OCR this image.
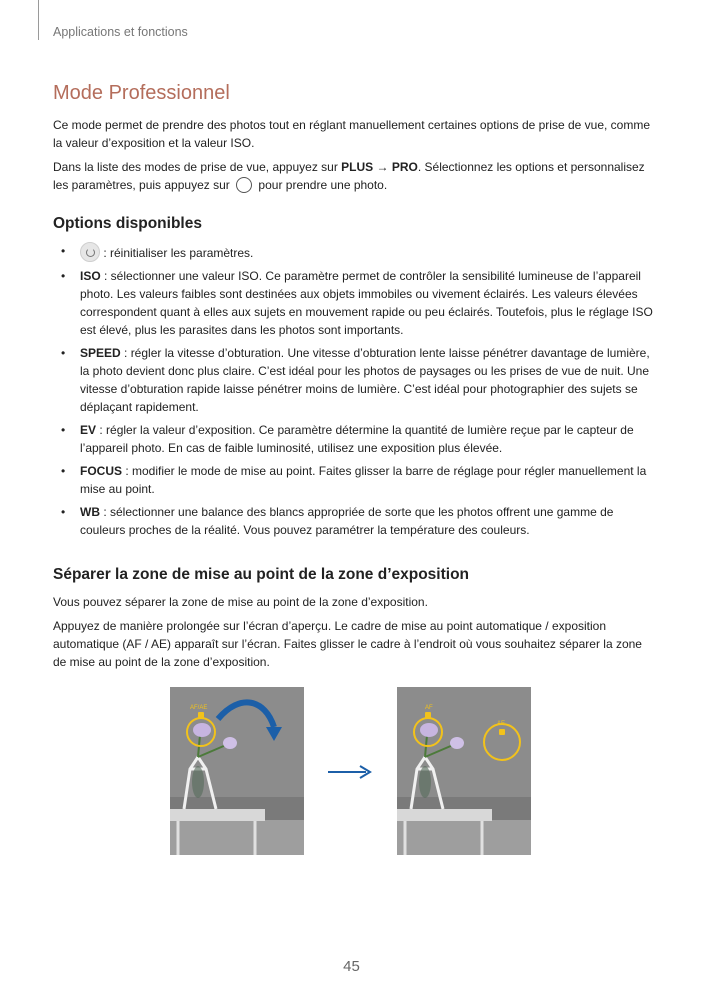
Applications et fonctions
Mode Professionnel

Ce mode permet de prendre des photos tout en réglant manuellement certaines options de prise de vue, comme la valeur d’exposition et la valeur ISO.

Dans la liste des modes de prise de vue, appuyez sur PLUS → PRO. Sélectionnez les options et personnalisez les paramètres, puis appuyez sur  pour prendre une photo.

Options disponibles
• : réinitialiser les paramètres.
• ISO : sélectionner une valeur ISO. Ce paramètre permet de contrôler la sensibilité lumineuse de l’appareil photo. Les valeurs faibles sont destinées aux objets immobiles ou vivement éclairés. Les valeurs élevées correspondent quant à elles aux sujets en mouvement rapide ou peu éclairés. Toutefois, plus le réglage ISO est élevé, plus les parasites dans les photos sont importants.
• SPEED : régler la vitesse d’obturation. Une vitesse d’obturation lente laisse pénétrer davantage de lumière, la photo devient donc plus claire. C’est idéal pour les photos de paysages ou les prises de vue de nuit. Une vitesse d’obturation rapide laisse pénétrer moins de lumière. C’est idéal pour photographier des sujets se déplaçant rapidement.
• EV : régler la valeur d’exposition. Ce paramètre détermine la quantité de lumière reçue par le capteur de l’appareil photo. En cas de faible luminosité, utilisez une exposition plus élevée.
• FOCUS : modifier le mode de mise au point. Faites glisser la barre de réglage pour régler manuellement la mise au point.
• WB : sélectionner une balance des blancs appropriée de sorte que les photos offrent une gamme de couleurs proches de la réalité. Vous pouvez paramétrer la température des couleurs.
Séparer la zone de mise au point de la zone d’exposition

Vous pouvez séparer la zone de mise au point de la zone d’exposition.

Appuyez de manière prolongée sur l’écran d’aperçu. Le cadre de mise au point automatique / exposition automatique (AF / AE) apparaît sur l’écran. Faites glisser le cadre à l’endroit où vous souhaitez séparer la zone de mise au point de la zone d’exposition.

AF/AE	AF
AE
45
